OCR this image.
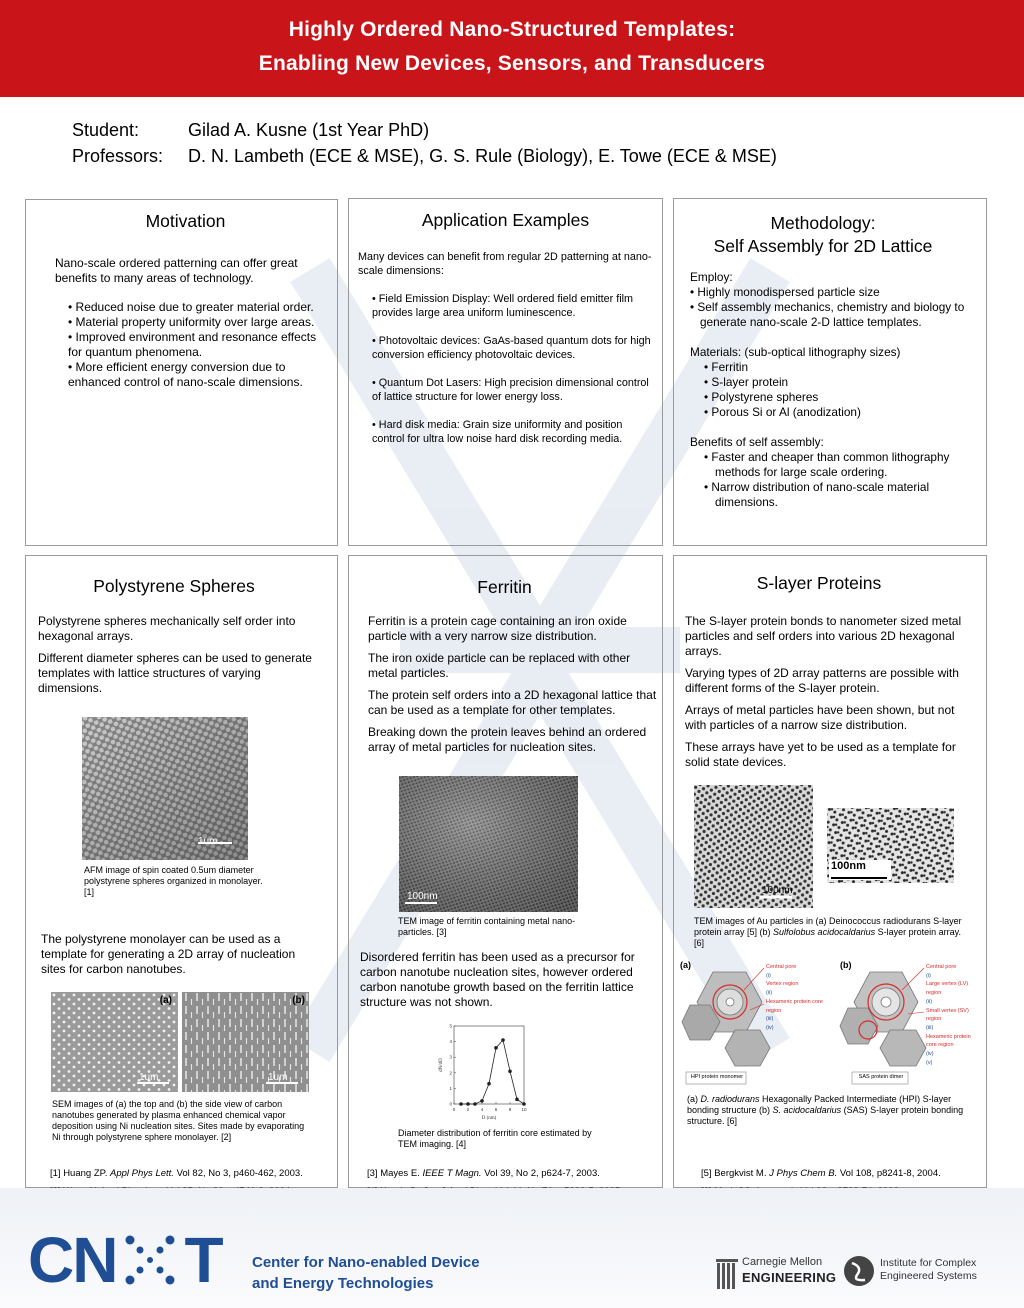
Highly Ordered Nano-Structured Templates:
Enabling New Devices, Sensors, and Transducers
Student:	Gilad A. Kusne (1st Year PhD)
Professors: D. N. Lambeth (ECE & MSE), G. S. Rule (Biology), E. Towe (ECE & MSE)
Motivation

Nano-scale ordered patterning can offer great benefits to many areas of technology.

• Reduced noise due to greater material order.
• Material property uniformity over large areas.
• Improved environment and resonance effects for quantum phenomena.
• More efficient energy conversion due to enhanced control of nano-scale dimensions.
Application Examples

Many devices can benefit from regular 2D patterning at nano-scale dimensions:

• Field Emission Display: Well ordered field emitter film provides large area uniform luminescence.

• Photovoltaic devices: GaAs-based quantum dots for high conversion efficiency photovoltaic devices.

• Quantum Dot Lasers: High precision dimensional control of lattice structure for lower energy loss.

• Hard disk media: Grain size uniformity and position control for ultra low noise hard disk recording media.

Methodology:
Self Assembly for 2D Lattice
Employ:
• Highly monodispersed particle size
• Self assembly mechanics, chemistry and biology to generate nano-scale 2-D lattice templates.
Materials: (sub-optical lithography sizes)
• Ferritin
• S-layer protein
• Polystyrene spheres
• Porous Si or Al (anodization)
Benefits of self assembly:
• Faster and cheaper than common lithography methods for large scale ordering.
• Narrow distribution of nano-scale material dimensions.
Polystyrene Spheres

Polystyrene spheres mechanically self order into hexagonal arrays.

Different diameter spheres can be used to generate templates with lattice structures of varying dimensions.

1um
AFM image of spin coated 0.5um diameter polystyrene spheres organized in monolayer. [1]
The polystyrene monolayer can be used as a template for generating a 2D array of nucleation sites for carbon nanotubes.
(a)
1um
(b)
1um
SEM images of (a) the top and (b) the side view of carbon nanotubes generated by plasma enhanced chemical vapor deposition using Ni nucleation sites. Sites made by evaporating Ni through polystyrene sphere monolayer. [2]
Ferritin

Ferritin is a protein cage containing an iron oxide particle with a very narrow size distribution.

The iron oxide particle can be replaced with other metal particles.

The protein self orders into a 2D hexagonal lattice that can be used as a template for other templates.

Breaking down the protein leaves behind an ordered array of metal particles for nucleation sites.

100nm
TEM image of ferritin containing metal nano-particles. [3]
Disordered ferritin has been used as a precursor for carbon nanotube nucleation sites, however ordered carbon nanotube growth based on the ferritin lattice structure was not shown.
0	2	4	6	8 10
0
1
2
3
4
5
D (nm)
dN/dD
Diameter distribution of ferritin core estimated by TEM imaging. [4]
S-layer Proteins

The S-layer protein bonds to nanometer sized metal particles and self orders into various 2D hexagonal arrays.

Varying types of 2D array patterns are possible with different forms of the S-layer protein.

Arrays of metal particles have been shown, but not with particles of a narrow size distribution.

These arrays have yet to be used as a template for solid state devices.

100nm
100nm
TEM images of Au particles in (a) Deinococcus radiodurans S-layer protein array [5] (b) Sulfolobus acidocaldarius S-layer protein array.[6]
(a)	(b)
Central pore
(i)
Vertex region
(ii)
Hexameric protein core region
(iii)
(iv)
Central pore
(i)
Large vertex (LV) region
(ii)
Small vertex (SV) region
(iii)
Hexameric protein core region
(iv)
(v)
HPI protein monomer	SAS protein dimer
(a) D. radiodurans Hexagonally Packed Intermediate (HPI) S-layer bonding structure (b) S. acidocaldarius (SAS) S-layer protein bonding structure. [6]
[1] Huang ZP. Appl Phys Lett. Vol 82, No 3, p460-462, 2003.	[3] Mayes E. IEEE T Magn. Vol 39, No 2, p624-7, 2003.	[5] Bergkvist M. J Phys Chem B. Vol 108, p8241-8, 2004.
CN T Center for Nano-enabled Device
and Energy Technologies
Carnegie Mellon
ENGINEERING
Institute for Complex
Engineered Systems
